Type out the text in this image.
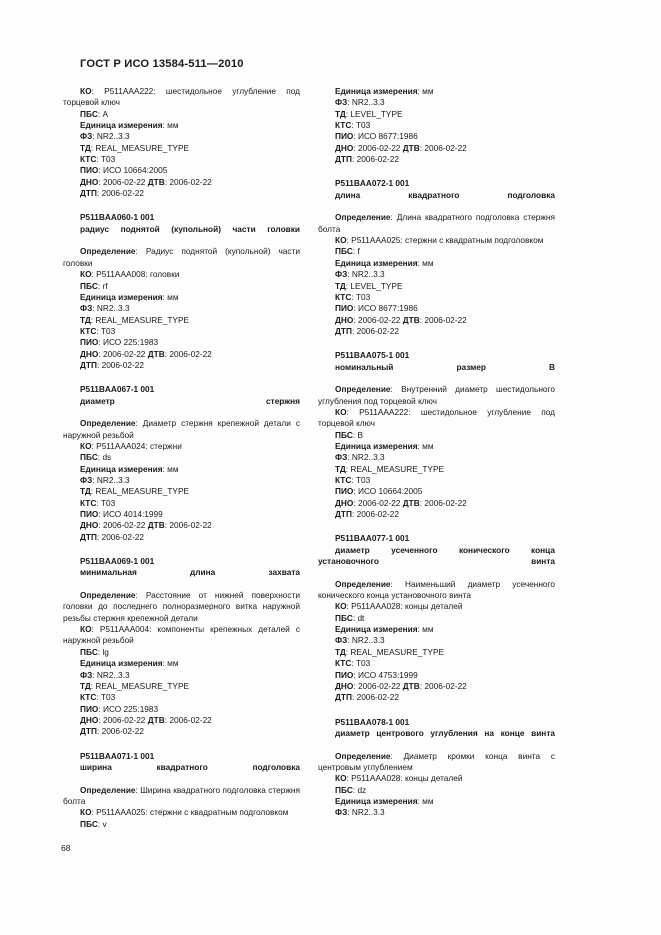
ГОСТ Р ИСО 13584-511—2010

КО: P511AAA222: шестидольное углубление под торцевой ключ

ПБС: A

Единица измерения: мм

ФЗ: NR2..3.3

ТД: REAL_MEASURE_TYPE

КТС: T03

ПИО: ИСО 10664:2005

ДНО: 2006-02-22 ДТВ: 2006-02-22

ДТП: 2006-02-22

P511BAA060-1 001

радиус поднятой (купольной) части головки

Определение: Радиус поднятой (купольной) части головки

КО: P511AAA008: головки

ПБС: rf

Единица измерения: мм

ФЗ: NR2..3.3

ТД: REAL_MEASURE_TYPE

КТС: T03

ПИО: ИСО 225:1983

ДНО: 2006-02-22 ДТВ: 2006-02-22

ДТП: 2006-02-22

P511BAA067-1 001

диаметр стержня

Определение: Диаметр стержня крепежной детали с наружной резьбой

КО: P511AAA024: стержни

ПБС: ds

Единица измерения: мм

ФЗ: NR2..3.3

ТД: REAL_MEASURE_TYPE

КТС: T03

ПИО: ИСО 4014:1999

ДНО: 2006-02-22 ДТВ: 2006-02-22

ДТП: 2006-02-22

P511BAA069-1 001

минимальная длина захвата

Определение: Расстояние от нижней поверхности головки до последнего полноразмерного витка наружной резьбы стержня крепежной детали

КО: P511AAA004: компоненты крепежных деталей с наружной резьбой

ПБС: lg

Единица измерения: мм

ФЗ: NR2..3.3

ТД: REAL_MEASURE_TYPE

КТС: T03

ПИО: ИСО 225:1983

ДНО: 2006-02-22 ДТВ: 2006-02-22

ДТП: 2006-02-22

P511BAA071-1 001

ширина квадратного подголовка

Определение: Ширина квадратного подголовка стержня болта

КО: P511AAA025: стержни с квадратным подголовком

ПБС: v

Единица измерения: мм

ФЗ: NR2..3.3

ТД: LEVEL_TYPE

КТС: T03

ПИО: ИСО 8677:1986

ДНО: 2006-02-22 ДТВ: 2006-02-22

ДТП: 2006-02-22

P511BAA072-1 001

длина квадратного подголовка

Определение: Длина квадратного подголовка стержня болта

КО: P511AAA025: стержни с квадратным подголовком

ПБС: f

Единица измерения: мм

ФЗ: NR2..3.3

ТД: LEVEL_TYPE

КТС: T03

ПИО: ИСО 8677:1986

ДНО: 2006-02-22 ДТВ: 2006-02-22

ДТП: 2006-02-22

P511BAA075-1 001

номинальный размер B

Определение: Внутренний диаметр шестидольного углубления под торцевой ключ

КО: P511AAA222: шестидольное углубление под торцевой ключ

ПБС: B

Единица измерения: мм

ФЗ: NR2..3.3

ТД: REAL_MEASURE_TYPE

КТС: T03

ПИО: ИСО 10664:2005

ДНО: 2006-02-22 ДТВ: 2006-02-22

ДТП: 2006-02-22

P511BAA077-1 001

диаметр усеченного конического конца установочного винта

Определение: Наименьший диаметр усеченного конического конца установочного винта

КО: P511AAA028: концы деталей

ПБС: dt

Единица измерения: мм

ФЗ: NR2..3.3

ТД: REAL_MEASURE_TYPE

КТС: T03

ПИО: ИСО 4753:1999

ДНО: 2006-02-22 ДТВ: 2006-02-22

ДТП: 2006-02-22

P511BAA078-1 001

диаметр центрового углубления на конце винта

Определение: Диаметр кромки конца винта с центровым углублением

КО: P511AAA028: концы деталей

ПБС: dz

Единица измерения: мм

ФЗ: NR2..3.3

68
